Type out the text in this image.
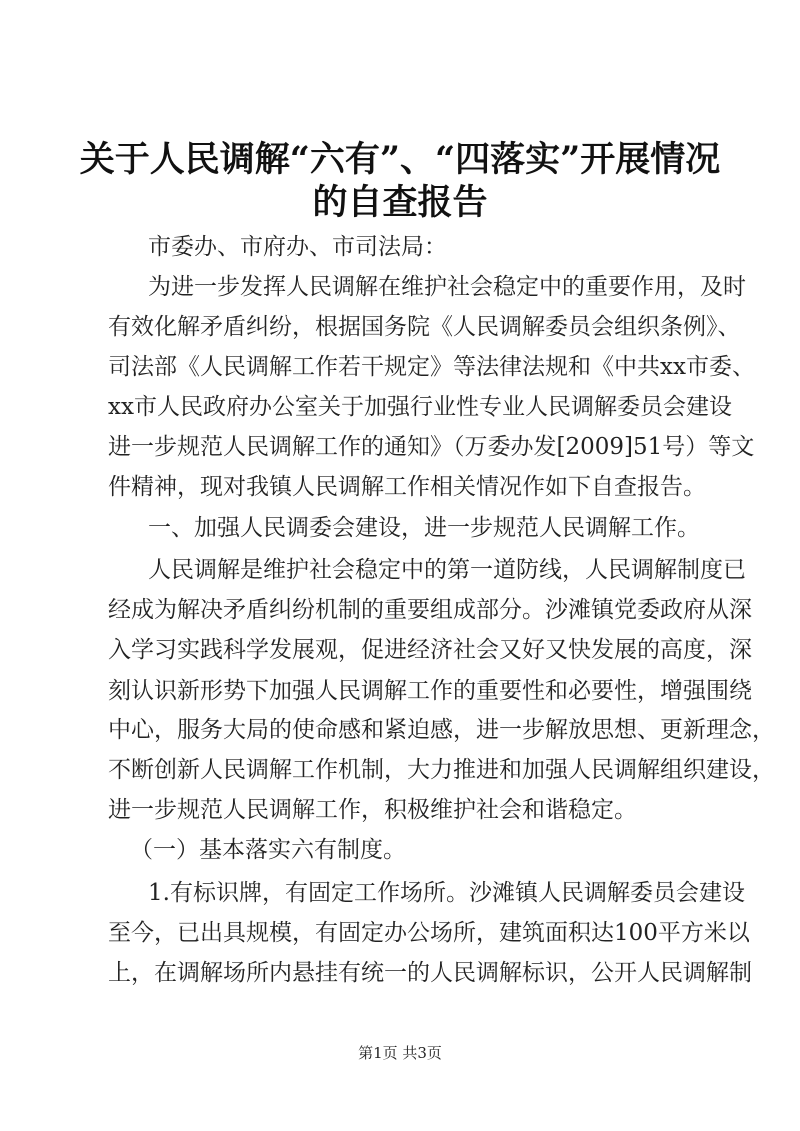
关于人民调解“六有”、“四落实”开展情况
的自查报告
市委办、市府办、市司法局：
为进一步发挥人民调解在维护社会稳定中的重要作用，及时
有效化解矛盾纠纷，根据国务院《人民调解委员会组织条例》、
司法部《人民调解工作若干规定》等法律法规和《中共xx市委、
xx市人民政府办公室关于加强行业性专业人民调解委员会建设
进一步规范人民调解工作的通知》（万委办发[2009]51号）等文
件精神，现对我镇人民调解工作相关情况作如下自查报告。
一、加强人民调委会建设，进一步规范人民调解工作。
人民调解是维护社会稳定中的第一道防线，人民调解制度已
经成为解决矛盾纠纷机制的重要组成部分。沙滩镇党委政府从深
入学习实践科学发展观，促进经济社会又好又快发展的高度，深
刻认识新形势下加强人民调解工作的重要性和必要性，增强围绕
中心，服务大局的使命感和紧迫感，进一步解放思想、更新理念，
不断创新人民调解工作机制，大力推进和加强人民调解组织建设，
进一步规范人民调解工作，积极维护社会和谐稳定。
（一）基本落实六有制度。
1.有标识牌，有固定工作场所。沙滩镇人民调解委员会建设
至今，已出具规模，有固定办公场所，建筑面积达100平方米以
上，在调解场所内悬挂有统一的人民调解标识，公开人民调解制
第1页 共3页
